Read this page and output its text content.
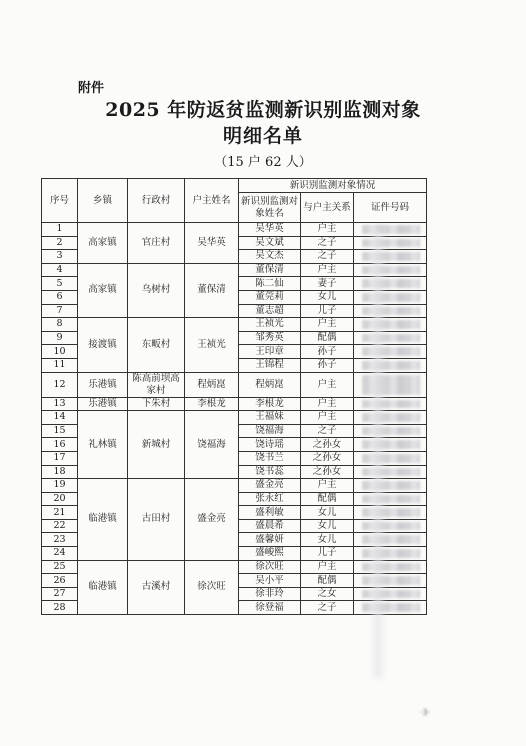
附件
2025 年防返贫监测新识别监测对象
明细名单
（15 户 62 人）
序号	乡镇	行政村	户主姓名	新识别监测对象情况		
				新识别监测对象姓名	与户主关系	证件号码
1	高家镇	官庄村	吴华英	吴华英	户主	

2				吴文斌	之子	

3				吴文杰	之子	

4	高家镇	乌树村	董保清	董保清	户主	

5				陈二仙	妻子	

6				董莞莉	女儿	

7				董志超	儿子	

8	接渡镇	东畈村	王祯光	王祯光	户主	

9				邹秀英	配偶	

10				王印章	孙子	

11				王锦程	孙子	

12	乐港镇	陈高前坝高家村	程炳崑	程炳崑	户主	

13	乐港镇	下朱村	李根龙	李根龙	户主	

14	礼林镇	新城村	饶福海	王福妹	户主	

15				饶福海	之子	

16				饶诗瑶	之孙女	

17				饶书兰	之孙女	

18				饶书蕊	之孙女	

19	临港镇	古田村	盛金亮	盛金亮	户主	

20				张永红	配偶	

21				盛利敏	女儿	

22				盛晨希	女儿	

23				盛馨妍	女儿	

24				盛峻熙	儿子	

25	临港镇	古溪村	徐次旺	徐次旺	户主	

26				吴小平	配偶	

27				徐非玲	之女	

28				徐登福	之子	
·3·
